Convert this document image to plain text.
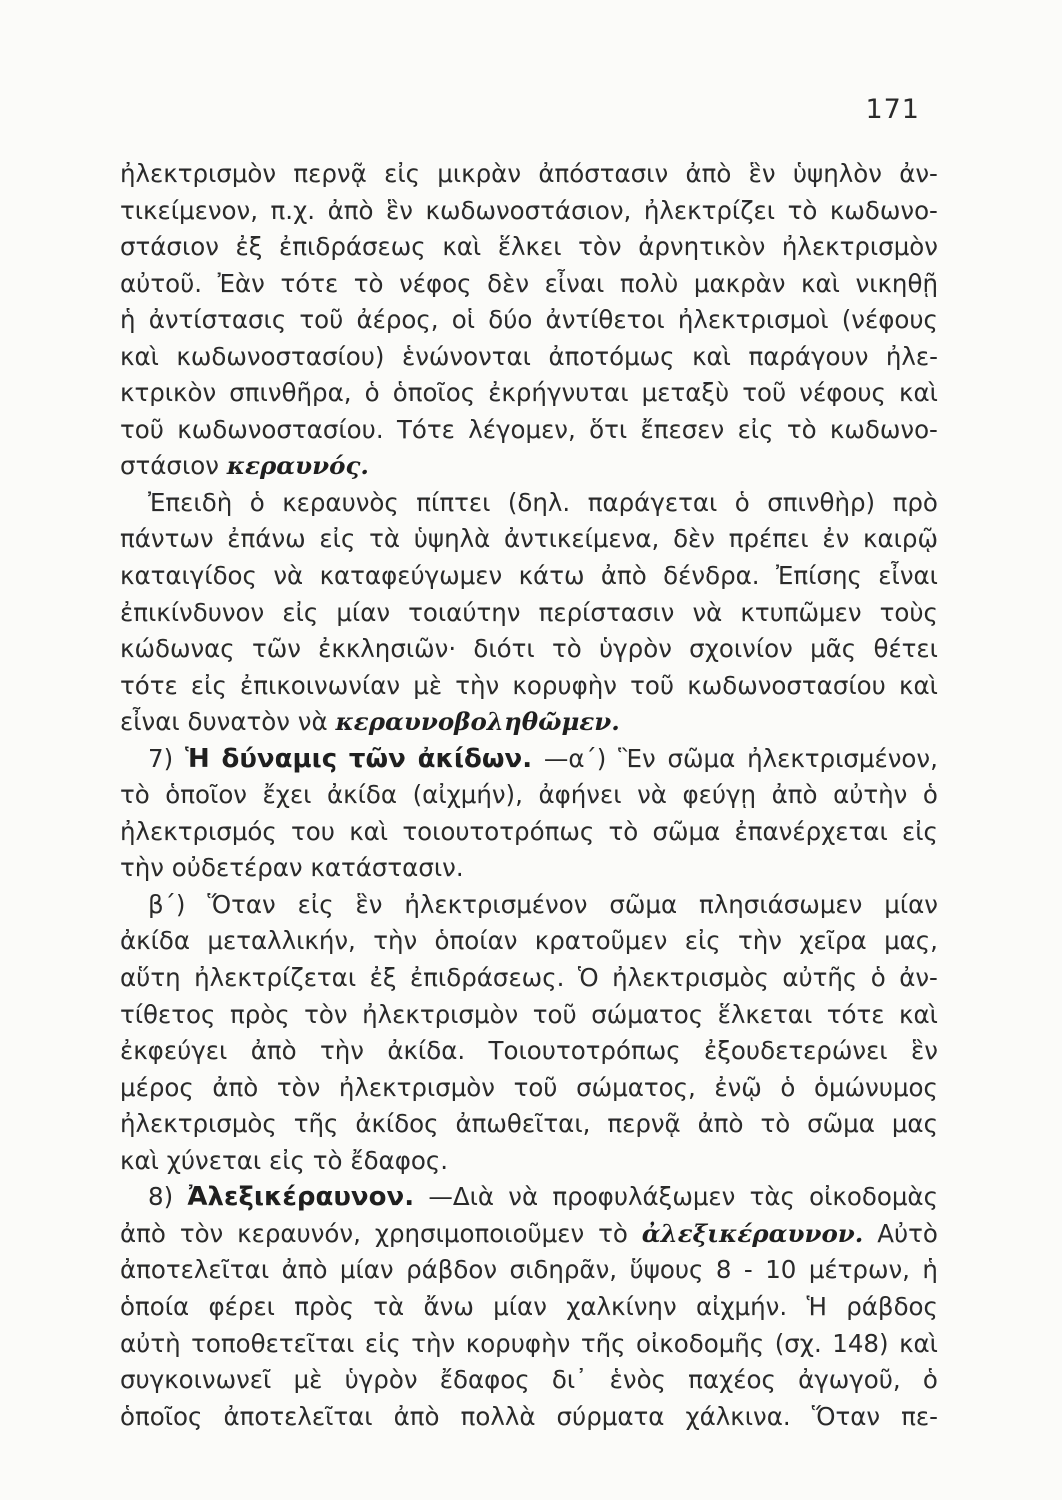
171
ἠλεκτρισμὸν περνᾷ εἰς μικρὰν ἀπόστασιν ἀπὸ ἓν ὑψηλὸν ἀν-
τικείμενον, π.χ. ἀπὸ ἓν κωδωνοστάσιον, ἠλεκτρίζει τὸ κωδωνο-
στάσιον ἐξ ἐπιδράσεως καὶ ἕλκει τὸν ἀρνητικὸν ἠλεκτρισμὸν
αὐτοῦ. Ἐὰν τότε τὸ νέφος δὲν εἶναι πολὺ μακρὰν καὶ νικηθῇ
ἡ ἀντίστασις τοῦ ἀέρος, οἱ δύο ἀντίθετοι ἠλεκτρισμοὶ (νέφους
καὶ κωδωνοστασίου) ἑνώνονται ἀποτόμως καὶ παράγουν ἠλε-
κτρικὸν σπινθῆρα, ὁ ὁποῖος ἐκρήγνυται μεταξὺ τοῦ νέφους καὶ
τοῦ κωδωνοστασίου. Τότε λέγομεν, ὅτι ἔπεσεν εἰς τὸ κωδωνο-
στάσιον κεραυνός.
Ἐπειδὴ ὁ κεραυνὸς πίπτει (δηλ. παράγεται ὁ σπινθὴρ) πρὸ
πάντων ἐπάνω εἰς τὰ ὑψηλὰ ἀντικείμενα, δὲν πρέπει ἐν καιρῷ
καταιγίδος νὰ καταφεύγωμεν κάτω ἀπὸ δένδρα. Ἐπίσης εἶναι
ἐπικίνδυνον εἰς μίαν τοιαύτην περίστασιν νὰ κτυπῶμεν τοὺς
κώδωνας τῶν ἐκκλησιῶν· διότι τὸ ὑγρὸν σχοινίον μᾶς θέτει
τότε εἰς ἐπικοινωνίαν μὲ τὴν κορυφὴν τοῦ κωδωνοστασίου καὶ
εἶναι δυνατὸν νὰ κεραυνοβοληθῶμεν.
7) Ἡ δύναμις τῶν ἀκίδων. —α΄) Ἓν σῶμα ἠλεκτρισμένον,
τὸ ὁποῖον ἔχει ἀκίδα (αἰχμήν), ἀφήνει νὰ φεύγῃ ἀπὸ αὐτὴν ὁ
ἠλεκτρισμός του καὶ τοιουτοτρόπως τὸ σῶμα ἐπανέρχεται εἰς
τὴν οὐδετέραν κατάστασιν.
β΄) Ὅταν εἰς ἓν ἠλεκτρισμένον σῶμα πλησιάσωμεν μίαν
ἀκίδα μεταλλικήν, τὴν ὁποίαν κρατοῦμεν εἰς τὴν χεῖρα μας,
αὕτη ἠλεκτρίζεται ἐξ ἐπιδράσεως. Ὁ ἠλεκτρισμὸς αὐτῆς ὁ ἀν-
τίθετος πρὸς τὸν ἠλεκτρισμὸν τοῦ σώματος ἕλκεται τότε καὶ
ἐκφεύγει ἀπὸ τὴν ἀκίδα. Τοιουτοτρόπως ἐξουδετερώνει ἓν
μέρος ἀπὸ τὸν ἠλεκτρισμὸν τοῦ σώματος, ἐνῷ ὁ ὁμώνυμος
ἠλεκτρισμὸς τῆς ἀκίδος ἀπωθεῖται, περνᾷ ἀπὸ τὸ σῶμα μας
καὶ χύνεται εἰς τὸ ἔδαφος.
8) Ἀλεξικέραυνον. —Διὰ νὰ προφυλάξωμεν τὰς οἰκοδομὰς
ἀπὸ τὸν κεραυνόν, χρησιμοποιοῦμεν τὸ ἀλεξικέραυνον. Αὐτὸ
ἀποτελεῖται ἀπὸ μίαν ράβδον σιδηρᾶν, ὕψους 8 - 10 μέτρων, ἡ
ὁποία φέρει πρὸς τὰ ἄνω μίαν χαλκίνην αἰχμήν. Ἡ ράβδος
αὐτὴ τοποθετεῖται εἰς τὴν κορυφὴν τῆς οἰκοδομῆς (σχ. 148) καὶ
συγκοινωνεῖ μὲ ὑγρὸν ἔδαφος δι᾽ ἑνὸς παχέος ἀγωγοῦ, ὁ
ὁποῖος ἀποτελεῖται ἀπὸ πολλὰ σύρματα χάλκινα. Ὅταν πε-
